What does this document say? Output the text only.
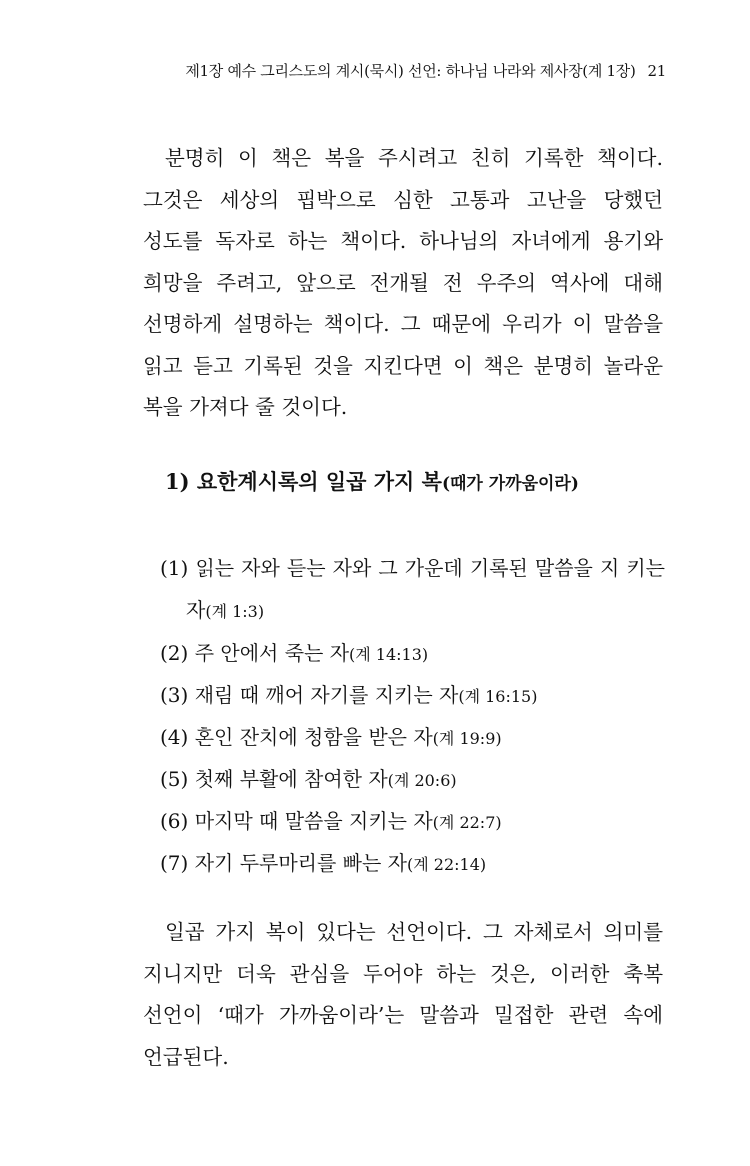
제1장 예수 그리스도의 계시(묵시) 선언: 하나님 나라와 제사장(계 1장) 21

분명히 이 책은 복을 주시려고 친히 기록한 책이다. 그것은 세상의 핍박으로 심한 고통과 고난을 당했던 성도를 독자로 하는 책이다. 하나님의 자녀에게 용기와 희망을 주려고, 앞으로 전개될 전 우주의 역사에 대해 선명하게 설명하는 책이다. 그 때문에 우리가 이 말씀을 읽고 듣고 기록된 것을 지킨다면 이 책은 분명히 놀라운 복을 가져다 줄 것이다.

1) 요한계시록의 일곱 가지 복(때가 가까움이라)
(1) 읽는 자와 듣는 자와 그 가운데 기록된 말씀을 지 키는 자(계 1:3)
(2) 주 안에서 죽는 자(계 14:13)
(3) 재림 때 깨어 자기를 지키는 자(계 16:15)
(4) 혼인 잔치에 청함을 받은 자(계 19:9)
(5) 첫째 부활에 참여한 자(계 20:6)
(6) 마지막 때 말씀을 지키는 자(계 22:7)
(7) 자기 두루마리를 빠는 자(계 22:14)

일곱 가지 복이 있다는 선언이다. 그 자체로서 의미를 지니지만 더욱 관심을 두어야 하는 것은, 이러한 축복 선언이 ‘때가 가까움이라’는 말씀과 밀접한 관련 속에 언급된다.
